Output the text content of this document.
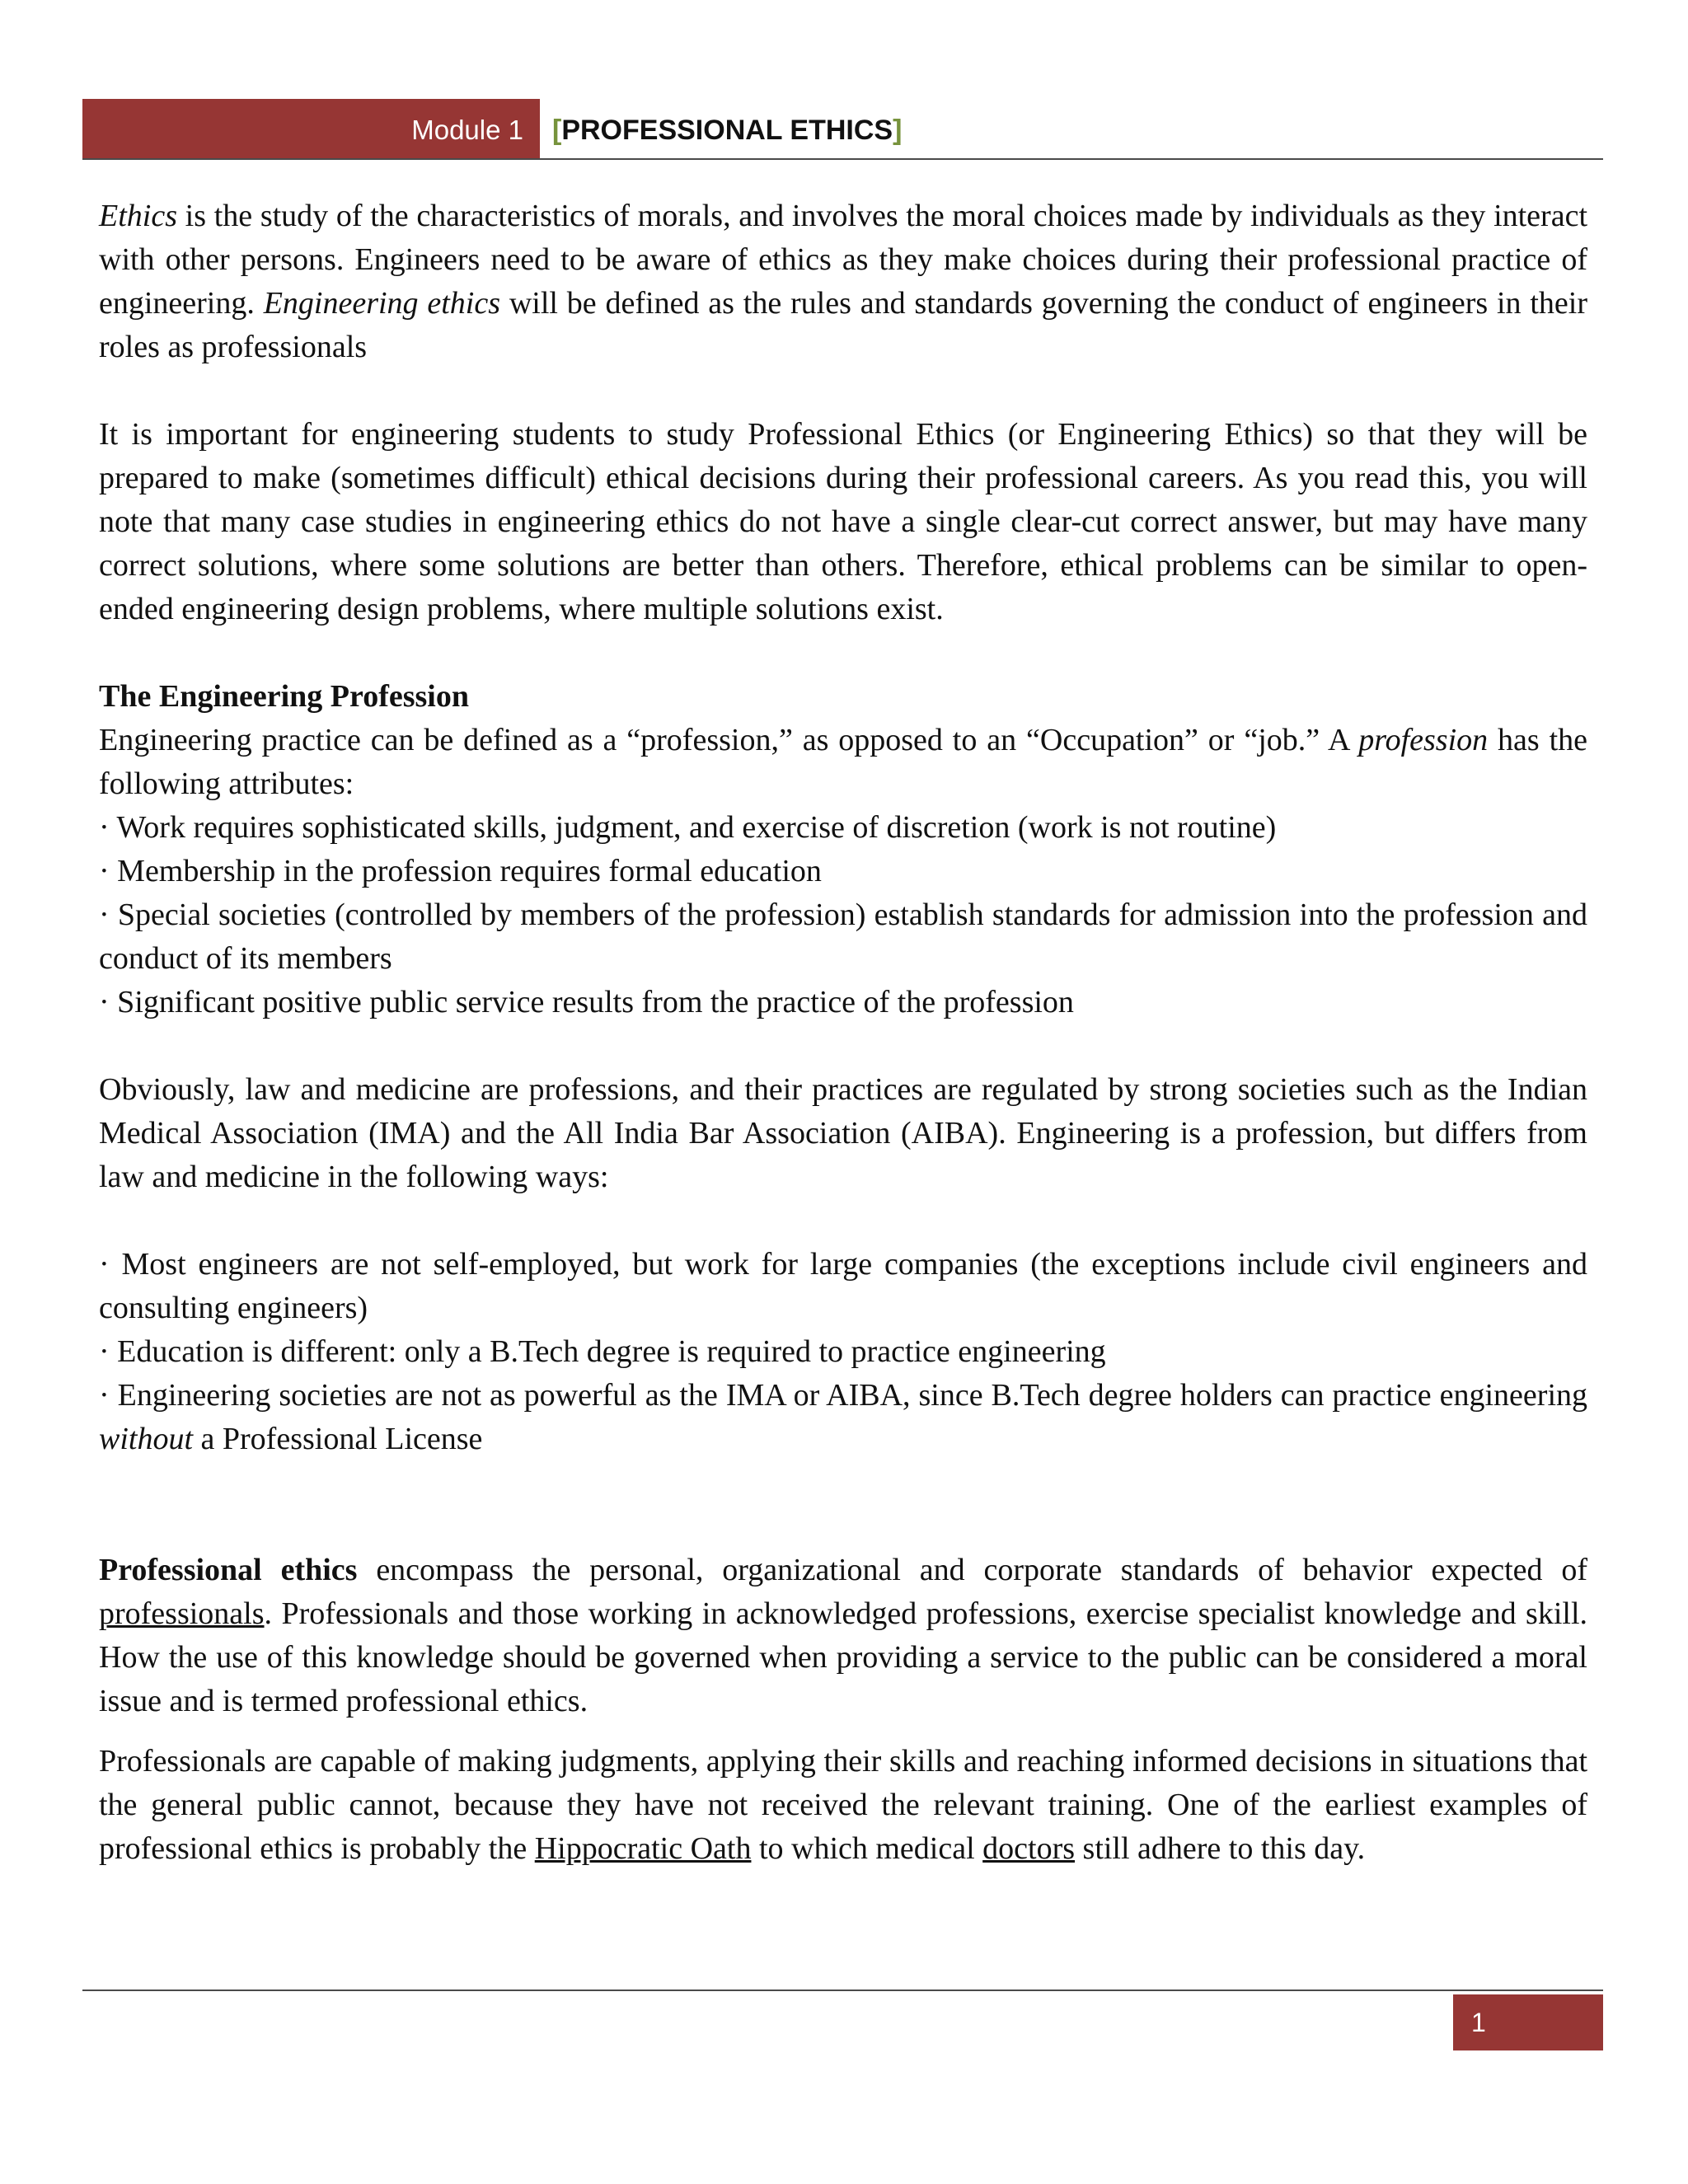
Module 1	[PROFESSIONAL ETHICS]

Ethics is the study of the characteristics of morals, and involves the moral choices made by individuals as they interact with other persons. Engineers need to be aware of ethics as they make choices during their professional practice of engineering. Engineering ethics will be defined as the rules and standards governing the conduct of engineers in their roles as professionals

It is important for engineering students to study Professional Ethics (or Engineering Ethics) so that they will be prepared to make (sometimes difficult) ethical decisions during their professional careers. As you read this, you will note that many case studies in engineering ethics do not have a single clear-cut correct answer, but may have many correct solutions, where some solutions are better than others. Therefore, ethical problems can be similar to open-ended engineering design problems, where multiple solutions exist.

The Engineering Profession

Engineering practice can be defined as a “profession,” as opposed to an “Occupation” or “job.” A profession has the following attributes:

· Work requires sophisticated skills, judgment, and exercise of discretion (work is not routine)

· Membership in the profession requires formal education

· Special societies (controlled by members of the profession) establish standards for admission into the profession and conduct of its members

· Significant positive public service results from the practice of the profession

Obviously, law and medicine are professions, and their practices are regulated by strong societies such as the Indian Medical Association (IMA) and the All India Bar Association (AIBA). Engineering is a profession, but differs from law and medicine in the following ways:

· Most engineers are not self-employed, but work for large companies (the exceptions include civil engineers and consulting engineers)

· Education is different: only a B.Tech degree is required to practice engineering

· Engineering societies are not as powerful as the IMA or AIBA, since B.Tech degree holders can practice engineering without a Professional License

Professional ethics encompass the personal, organizational and corporate standards of behavior expected of professionals. Professionals and those working in acknowledged professions, exercise specialist knowledge and skill. How the use of this knowledge should be governed when providing a service to the public can be considered a moral issue and is termed professional ethics.

Professionals are capable of making judgments, applying their skills and reaching informed decisions in situations that the general public cannot, because they have not received the relevant training. One of the earliest examples of professional ethics is probably the Hippocratic Oath to which medical doctors still adhere to this day.

1
